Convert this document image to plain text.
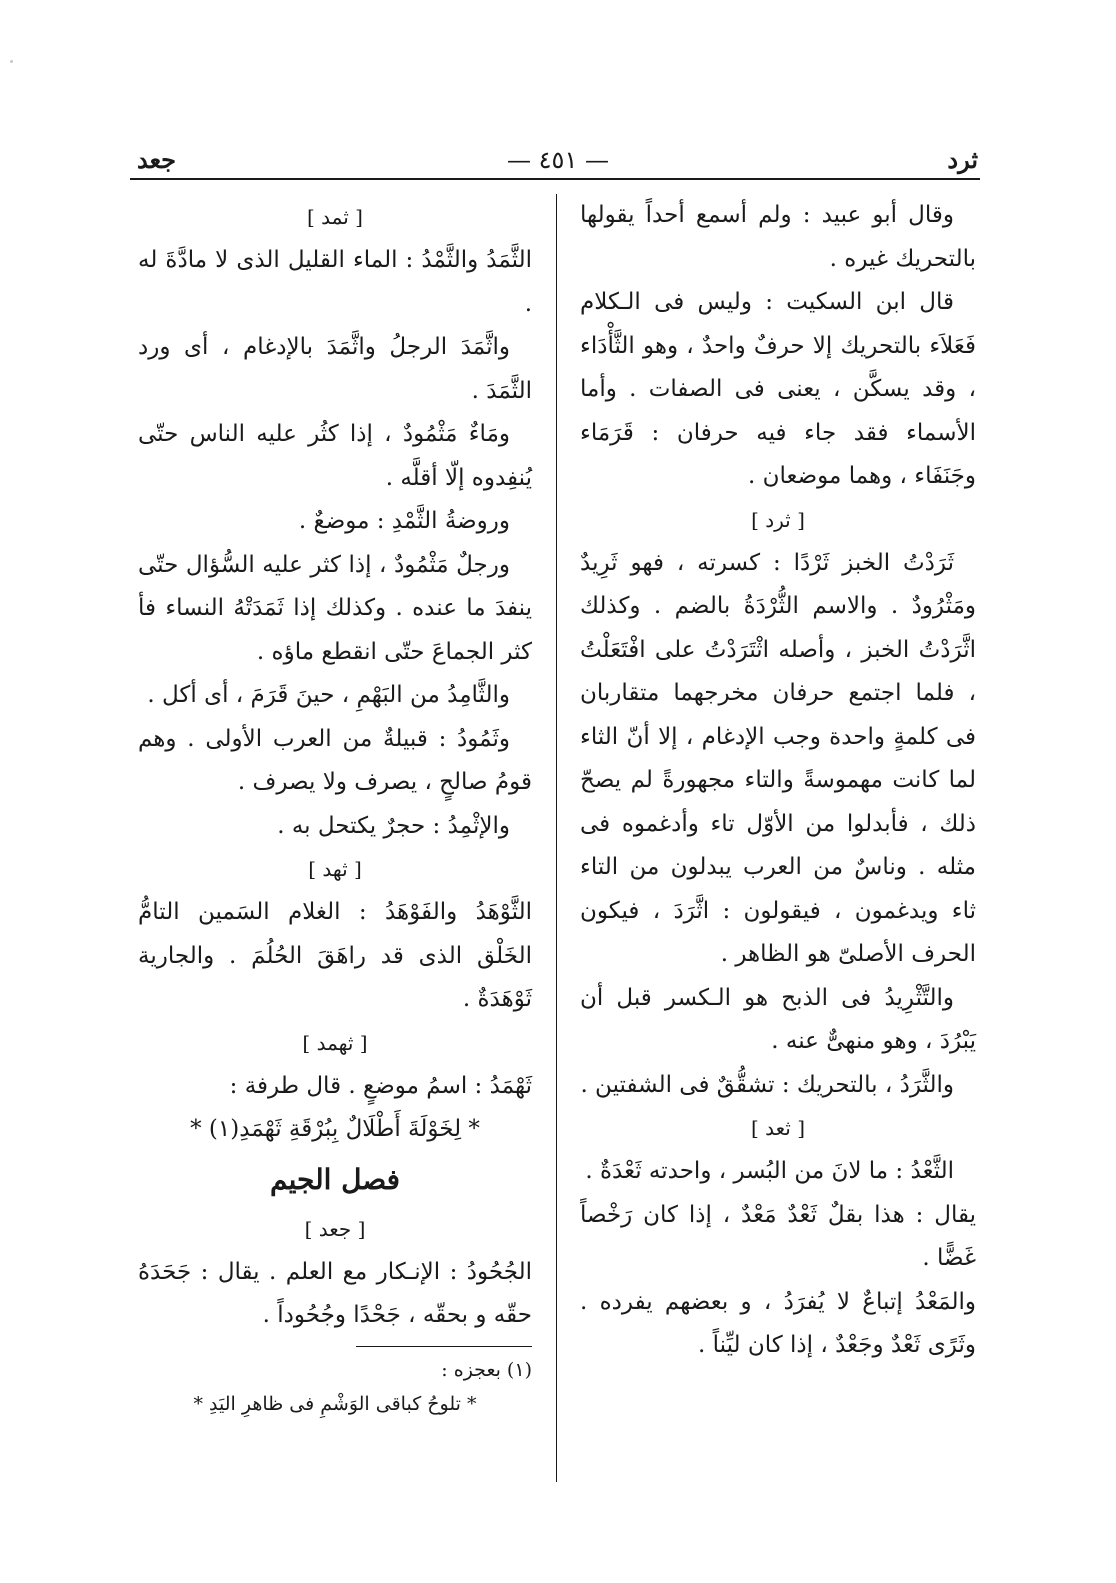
ثرد
— ٤٥١ —
جعد

وقال أبو عبيد : ولم أسمع أحداً يقولها بالتحريك غيره .

قال ابن السكيت : وليس فى الـكلام فَعَلاَء بالتحريك إلا حرفٌ واحدٌ ، وهو الثَّأْدَاء ، وقد يسكَّن ، يعنى فى الصفات . وأما الأسماء فقد جاء فيه حرفان : قَرَمَاء وجَنَفَاء ، وهما موضعان .

[ ثرد ]

ثَرَدْتُ الخبز ثَرْدًا : كسرته ، فهو ثَرِيدٌ ومَثْرُودٌ . والاسم الثُّرْدَةُ بالضم . وكذلك اثَّرَدْتُ الخبز ، وأصله اثْتَرَدْتُ على افْتَعَلْتُ ، فلما اجتمع حرفان مخرجهما متقاربان فى كلمةٍ واحدة وجب الإدغام ، إلا أنّ الثاء لما كانت مهموسةً والتاء مجهورةً لم يصحّ ذلك ، فأبدلوا من الأوّل تاء وأدغموه فى مثله . وناسٌ من العرب يبدلون من التاء ثاء ويدغمون ، فيقولون : اثَّرَدَ ، فيكون الحرف الأصلىّ هو الظاهر .

والتَّثْرِيدُ فى الذبح هو الـكسر قبل أن يَبْرُدَ ، وهو منهىٌّ عنه .

والثَّرَدُ ، بالتحريك : تشقُّقٌ فى الشفتين .

[ ثعد ]

الثَّعْدُ : ما لانَ من البُسر ، واحدته ثَعْدَةٌ .

يقال : هذا بقلٌ ثَعْدٌ مَعْدٌ ، إذا كان رَخْصاً غَضًّا .

والمَعْدُ إتباعٌ لا يُفرَدُ ، و بعضهم يفرده . وثَرًى ثَعْدٌ وجَعْدٌ ، إذا كان ليِّناً .

[ ثمد ]

الثَّمَدُ والثَّمْدُ : الماء القليل الذى لا مادَّةَ له .

واثَّمَدَ الرجلُ واثَّمَدَ بالإدغام ، أى ورد الثَّمَدَ .

ومَاءٌ مَثْمُودٌ ، إذا كثُر عليه الناس حتّى يُنفِدوه إلّا أقلَّه .

وروضةُ الثَّمْدِ : موضعٌ .

ورجلٌ مَثْمُودٌ ، إذا كثر عليه السُّؤال حتّى ينفدَ ما عنده . وكذلك إذا ثَمَدَتْهُ النساء فأ كثر الجماعَ حتّى انقطع ماؤه .

والثَّامِدُ من البَهْمِ ، حينَ قَرَمَ ، أى أكل .

وثَمُودُ : قبيلةٌ من العرب الأولى . وهم قومُ صالحٍ ، يصرف ولا يصرف .

والإثْمِدُ : حجرٌ يكتحل به .

[ ثهد ]

الثَّوْهَدُ والفَوْهَدُ : الغلام السَمين التامُّ الخَلْق الذى قد راهَقَ الحُلُمَ . والجارية ثَوْهَدَةٌ .

[ ثهمد ]

ثَهْمَدُ : اسمُ موضعٍ . قال طرفة :

* لِخَوْلَةَ أَطْلَالٌ بِبُرْقَةِ ثَهْمَدِ(١) *

فصل الجيم

[ جعد ]

الجُحُودُ : الإنـكار مع العلم . يقال : جَحَدَهُ حقّه و بحقّه ، جَحْدًا وجُحُوداً .

(١) بعجزه :
* تلوحُ كباقى الوَشْمِ فى ظاهرِ اليَدِ *
